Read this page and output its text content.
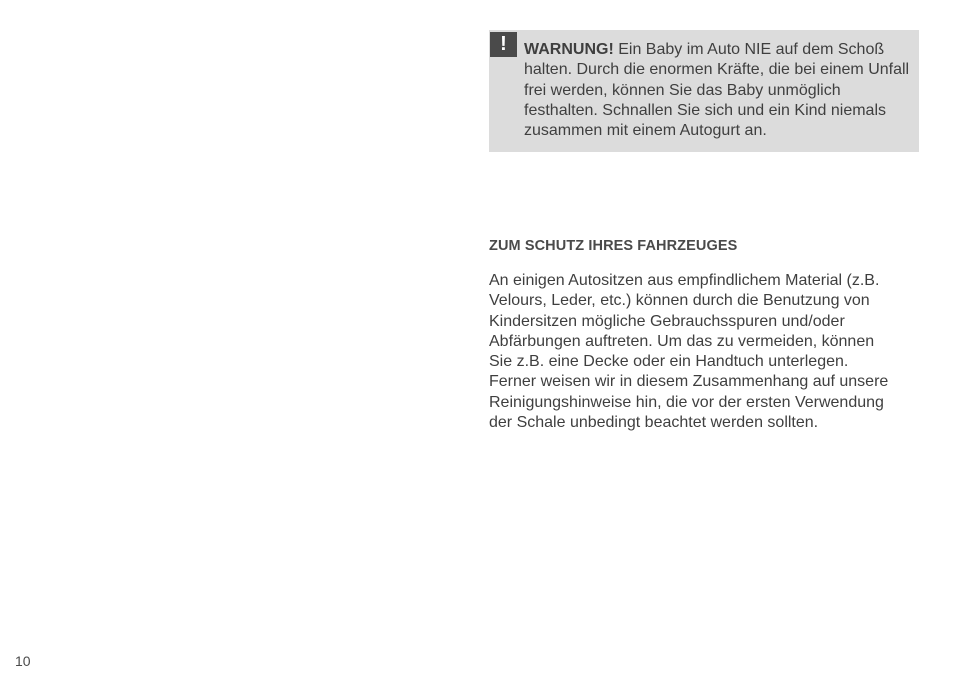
!	WARNUNG! Ein Baby im Auto NIE auf dem Schoß halten. Durch die enormen Kräfte, die bei einem Unfall frei werden, können Sie das Baby unmöglich festhalten. Schnallen Sie sich und ein Kind niemals zusammen mit einem Autogurt an.
ZUM SCHUTZ IHRES FAHRZEUGES
An einigen Autositzen aus empfindlichem Material (z.B.
Velours, Leder, etc.) können durch die Benutzung von
Kindersitzen mögliche Gebrauchsspuren und/oder
Abfärbungen auftreten. Um das zu vermeiden, können
Sie z.B. eine Decke oder ein Handtuch unterlegen.
Ferner weisen wir in diesem Zusammenhang auf unsere
Reinigungshinweise hin, die vor der ersten Verwendung
der Schale unbedingt beachtet werden sollten.
10
